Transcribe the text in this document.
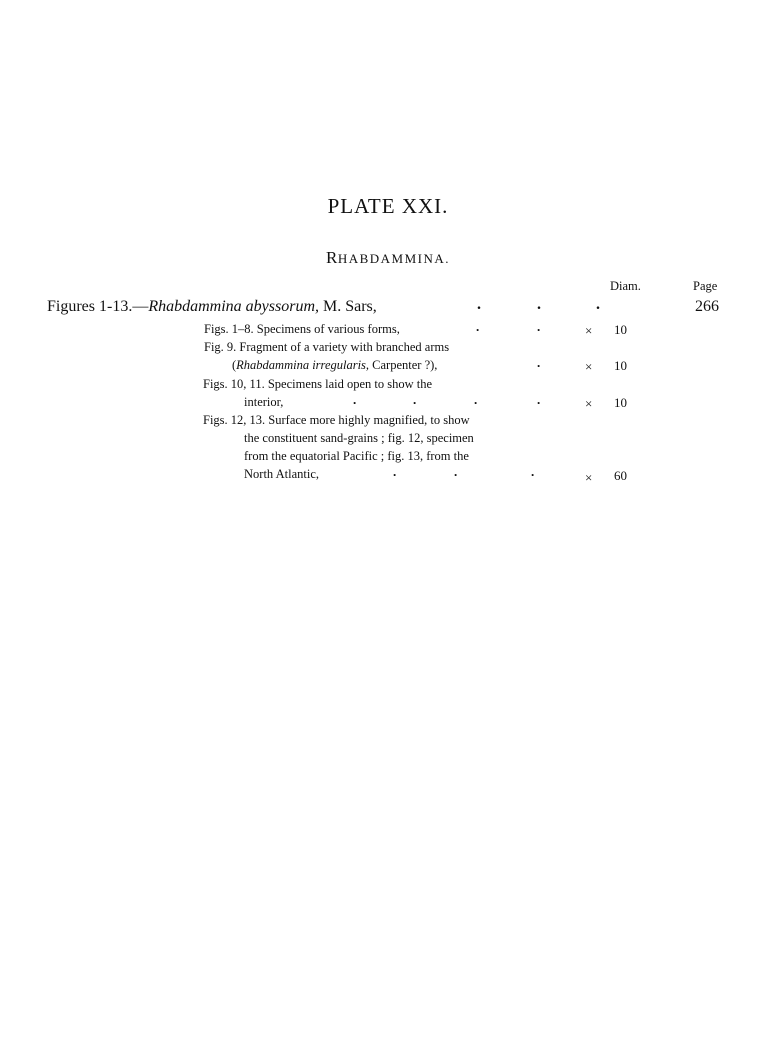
PLATE XXI.
RHABDAMMINA.
Diam.	Page
Figures 1-13.—Rhabdammina abyssorum, M. Sars,	.	.	.	266
Figs. 1–8. Specimens of various forms,	.	.	× 10
Fig. 9. Fragment of a variety with branched arms
(Rhabdammina irregularis, Carpenter ?),	.	× 10
Figs. 10, 11. Specimens laid open to show the
interior,	.	.	.	.	× 10
Figs. 12, 13. Surface more highly magnified, to show
the constituent sand-grains ; fig. 12, specimen
from the equatorial Pacific ; fig. 13, from the
North Atlantic,	.	.	.	× 60
